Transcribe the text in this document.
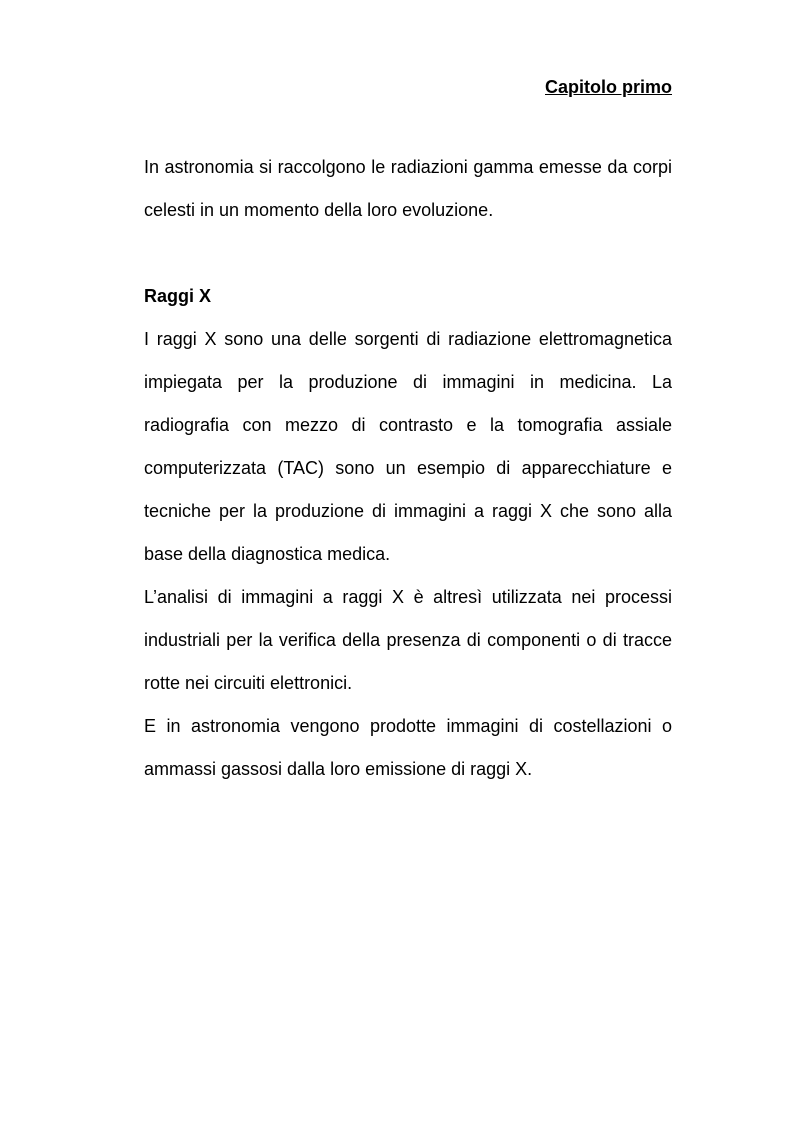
Capitolo primo

In astronomia si raccolgono le radiazioni gamma emesse da corpi celesti in un momento della loro evoluzione.

Raggi X

I raggi X sono una delle sorgenti di radiazione elettromagnetica impiegata per la produzione di immagini in medicina. La radiografia con mezzo di contrasto e la tomografia assiale computerizzata (TAC) sono un esempio di apparecchiature e tecniche per la produzione di immagini a raggi X che sono alla base della diagnostica medica.

L’analisi di immagini a raggi X è altresì utilizzata nei processi industriali per la verifica della presenza di componenti o di tracce rotte nei circuiti elettronici.

E in astronomia vengono prodotte immagini di costellazioni o ammassi gassosi dalla loro emissione di raggi X.
